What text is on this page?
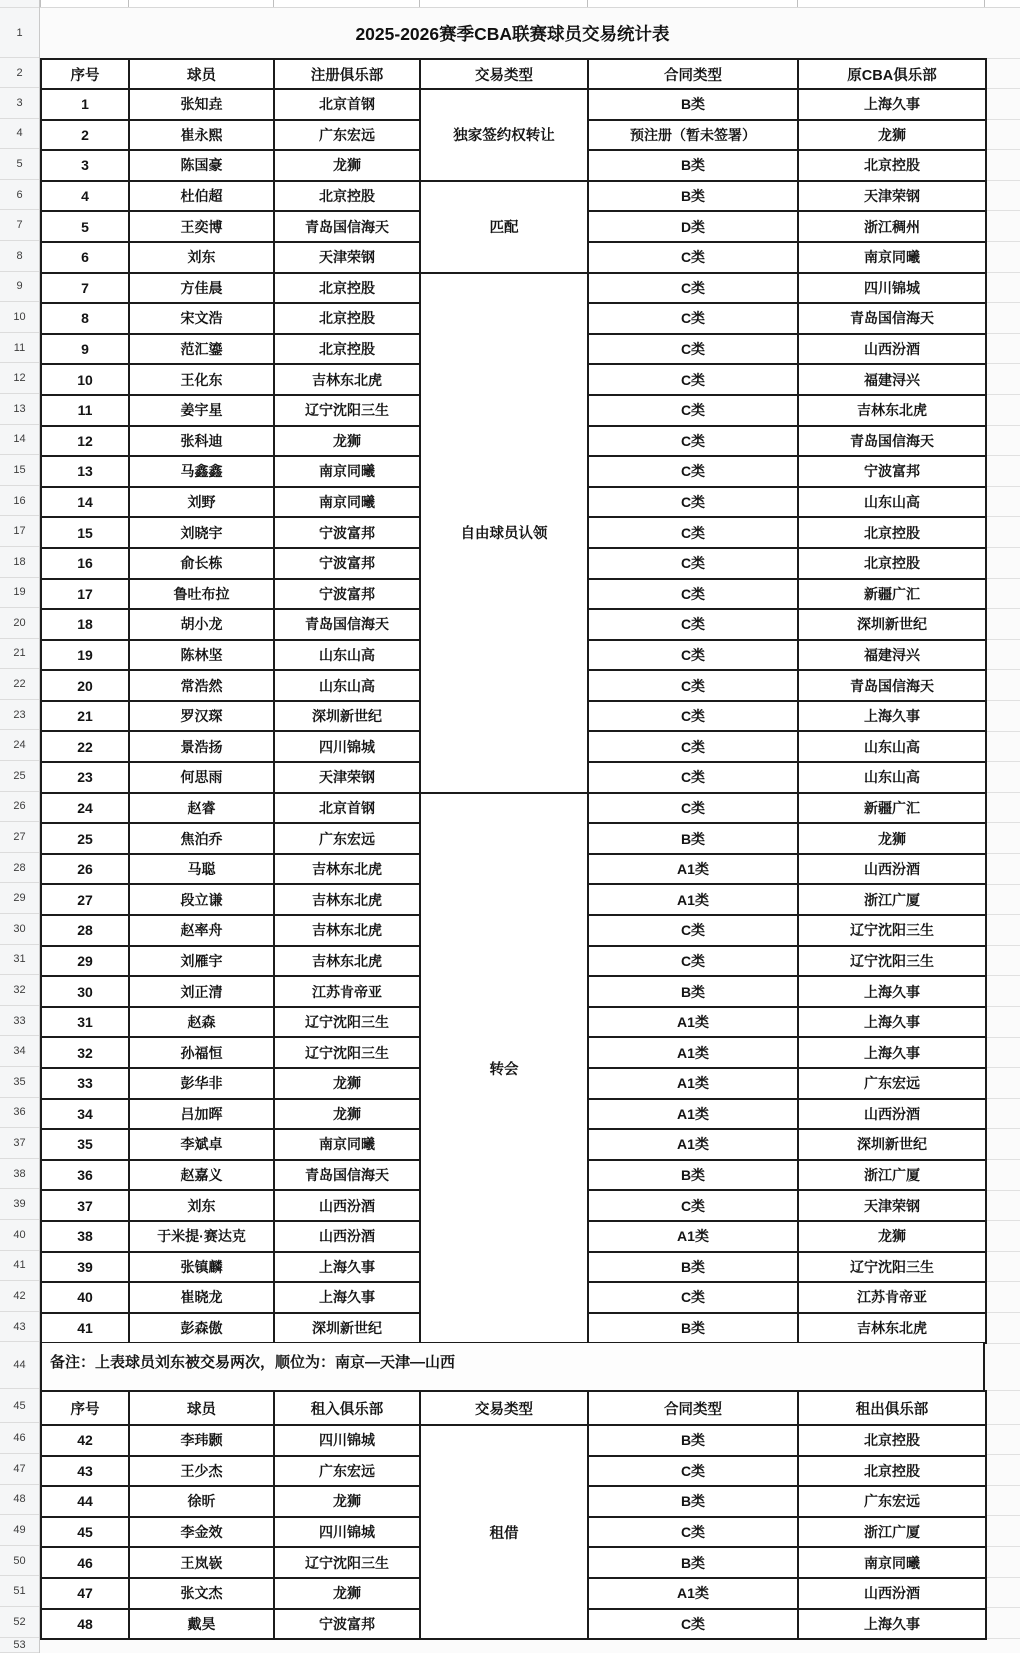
1
2
3
4
5
6
7
8
9
10
11
12
13
14
15
16
17
18
19
20
21
22
23
24
25
26
27
28
29
30
31
32
33
34
35
36
37
38
39
40
41
42
43
44
45
46
47
48
49
50
51
52
53
2025-2026赛季CBA联赛球员交易统计表
序号	球员	注册俱乐部	交易类型	合同类型	原CBA俱乐部
1	张知垚	北京首钢	独家签约权转让	B类	上海久事
2	崔永熙	广东宏远		预注册（暂未签署）	龙狮
3	陈国豪	龙狮		B类	北京控股
4	杜伯超	北京控股	匹配	B类	天津荣钢
5	王奕博	青岛国信海天		D类	浙江稠州
6	刘东	天津荣钢		C类	南京同曦
7	方佳晨	北京控股	自由球员认领	C类	四川锦城
8	宋文浩	北京控股		C类	青岛国信海天
9	范汇鎏	北京控股		C类	山西汾酒
10	王化东	吉林东北虎		C类	福建浔兴
11	姜宇星	辽宁沈阳三生		C类	吉林东北虎
12	张科迪	龙狮		C类	青岛国信海天
13	马鑫鑫	南京同曦		C类	宁波富邦
14	刘野	南京同曦		C类	山东山高
15	刘晓宇	宁波富邦		C类	北京控股
16	俞长栋	宁波富邦		C类	北京控股
17	鲁吐布拉	宁波富邦		C类	新疆广汇
18	胡小龙	青岛国信海天		C类	深圳新世纪
19	陈林坚	山东山高		C类	福建浔兴
20	常浩然	山东山高		C类	青岛国信海天
21	罗汉琛	深圳新世纪		C类	上海久事
22	景浩扬	四川锦城		C类	山东山高
23	何思雨	天津荣钢		C类	山东山高
24	赵睿	北京首钢	转会	C类	新疆广汇
25	焦泊乔	广东宏远		B类	龙狮
26	马聪	吉林东北虎		A1类	山西汾酒
27	段立谦	吉林东北虎		A1类	浙江广厦
28	赵率舟	吉林东北虎		C类	辽宁沈阳三生
29	刘雁宇	吉林东北虎		C类	辽宁沈阳三生
30	刘正清	江苏肯帝亚		B类	上海久事
31	赵森	辽宁沈阳三生		A1类	上海久事
32	孙福恒	辽宁沈阳三生		A1类	上海久事
33	彭华非	龙狮		A1类	广东宏远
34	吕加晖	龙狮		A1类	山西汾酒
35	李斌卓	南京同曦		A1类	深圳新世纪
36	赵嘉义	青岛国信海天		B类	浙江广厦
37	刘东	山西汾酒		C类	天津荣钢
38	于米提·赛达克	山西汾酒		A1类	龙狮
39	张镇麟	上海久事		B类	辽宁沈阳三生
40	崔晓龙	上海久事		C类	江苏肯帝亚
41	彭森傲	深圳新世纪		B类	吉林东北虎
备注：上表球员刘东被交易两次，顺位为：南京—天津—山西
序号	球员	租入俱乐部	交易类型	合同类型	租出俱乐部
42	李玮颢	四川锦城	租借	B类	北京控股
43	王少杰	广东宏远		C类	北京控股
44	徐昕	龙狮		B类	广东宏远
45	李金效	四川锦城		C类	浙江广厦
46	王岚嵚	辽宁沈阳三生		B类	南京同曦
47	张文杰	龙狮		A1类	山西汾酒
48	戴昊	宁波富邦		C类	上海久事
